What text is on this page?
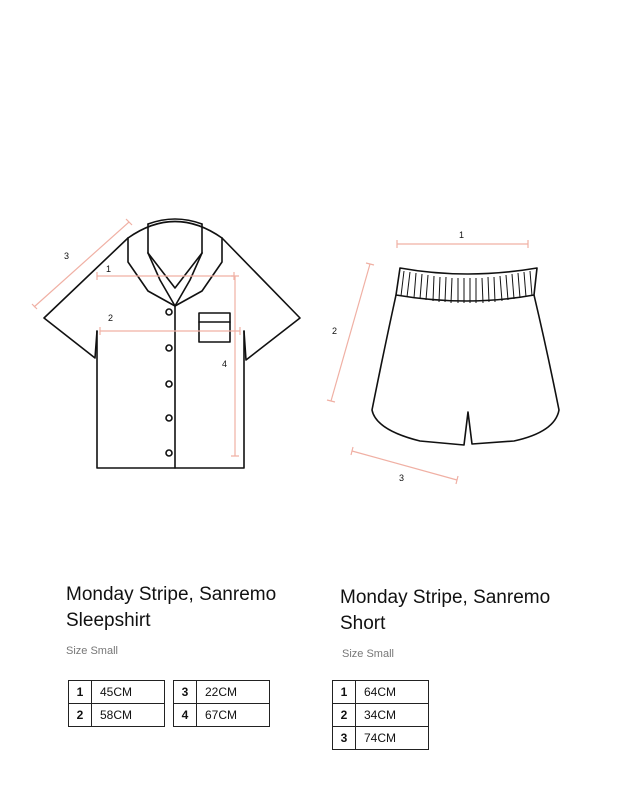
3
1
2
4
1
2
3
Monday Stripe, Sanremo
Sleepshirt
Size Small
1	45CM
2	58CM
3	22CM
4	67CM
Monday Stripe, Sanremo
Short
Size Small
1	64CM
2	34CM
3	74CM
